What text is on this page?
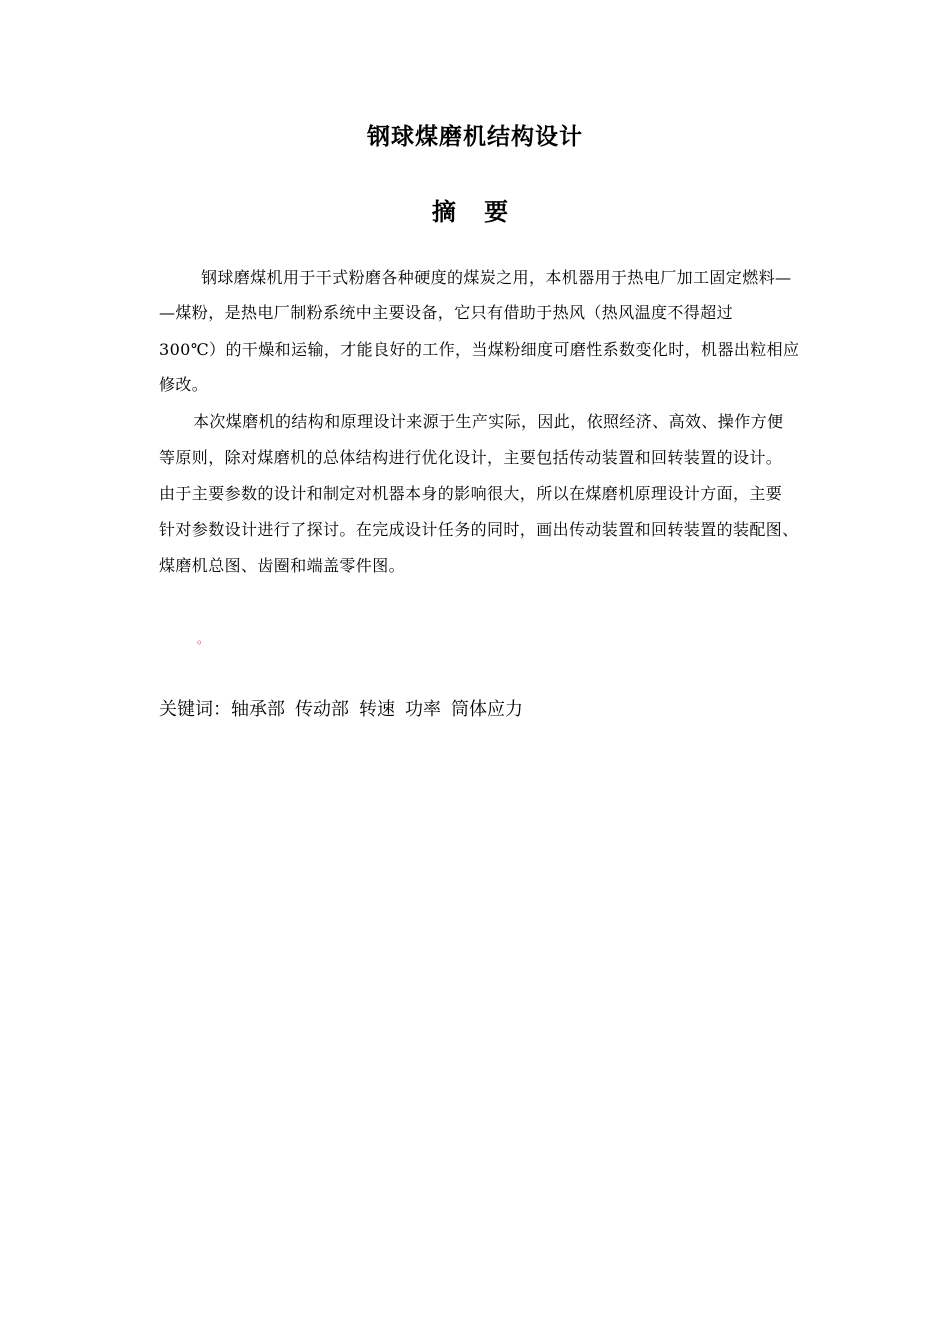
钢球煤磨机结构设计
摘 要
钢球磨煤机用于干式粉磨各种硬度的煤炭之用，本机器用于热电厂加工固定燃料—
—煤粉，是热电厂制粉系统中主要设备，它只有借助于热风（热风温度不得超过
300℃）的干燥和运输，才能良好的工作，当煤粉细度可磨性系数变化时，机器出粒相应
修改。
本次煤磨机的结构和原理设计来源于生产实际，因此，依照经济、高效、操作方便
等原则，除对煤磨机的总体结构进行优化设计，主要包括传动装置和回转装置的设计。
由于主要参数的设计和制定对机器本身的影响很大，所以在煤磨机原理设计方面，主要
针对参数设计进行了探讨。在完成设计任务的同时，画出传动装置和回转装置的装配图、
煤磨机总图、齿圈和端盖零件图。
。
关键词：轴承部 传动部 转速 功率 筒体应力
